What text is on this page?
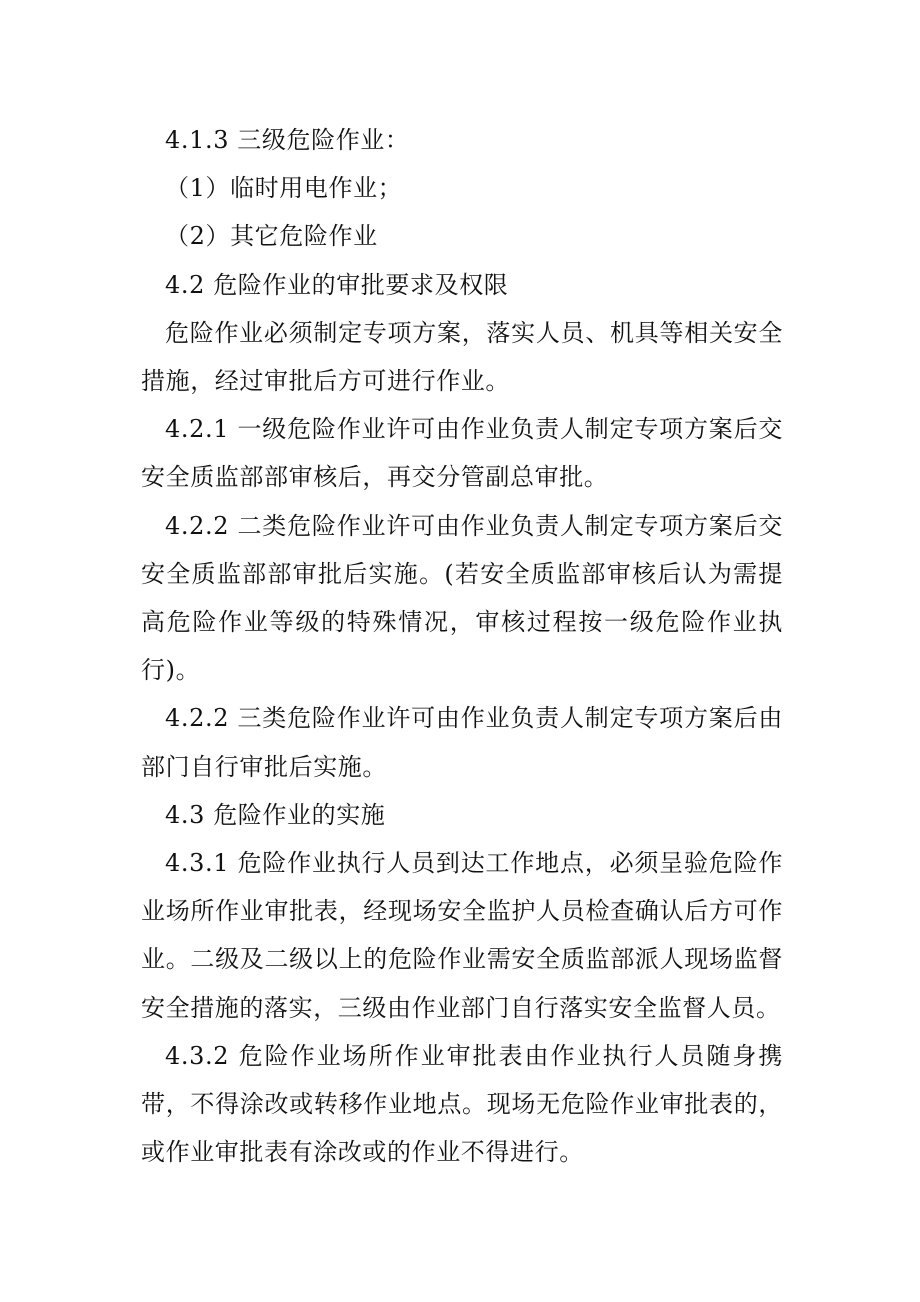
4.1.3 三级危险作业：

（1）临时用电作业；

（2）其它危险作业

4.2 危险作业的审批要求及权限

危险作业必须制定专项方案，落实人员、机具等相关安全措施，经过审批后方可进行作业。

4.2.1 一级危险作业许可由作业负责人制定专项方案后交安全质监部部审核后，再交分管副总审批。

4.2.2 二类危险作业许可由作业负责人制定专项方案后交安全质监部部审批后实施。(若安全质监部审核后认为需提高危险作业等级的特殊情况，审核过程按一级危险作业执行)。

4.2.2 三类危险作业许可由作业负责人制定专项方案后由部门自行审批后实施。

4.3 危险作业的实施

4.3.1 危险作业执行人员到达工作地点，必须呈验危险作业场所作业审批表，经现场安全监护人员检查确认后方可作业。二级及二级以上的危险作业需安全质监部派人现场监督安全措施的落实，三级由作业部门自行落实安全监督人员。

4.3.2 危险作业场所作业审批表由作业执行人员随身携带，不得涂改或转移作业地点。现场无危险作业审批表的，或作业审批表有涂改或的作业不得进行。
